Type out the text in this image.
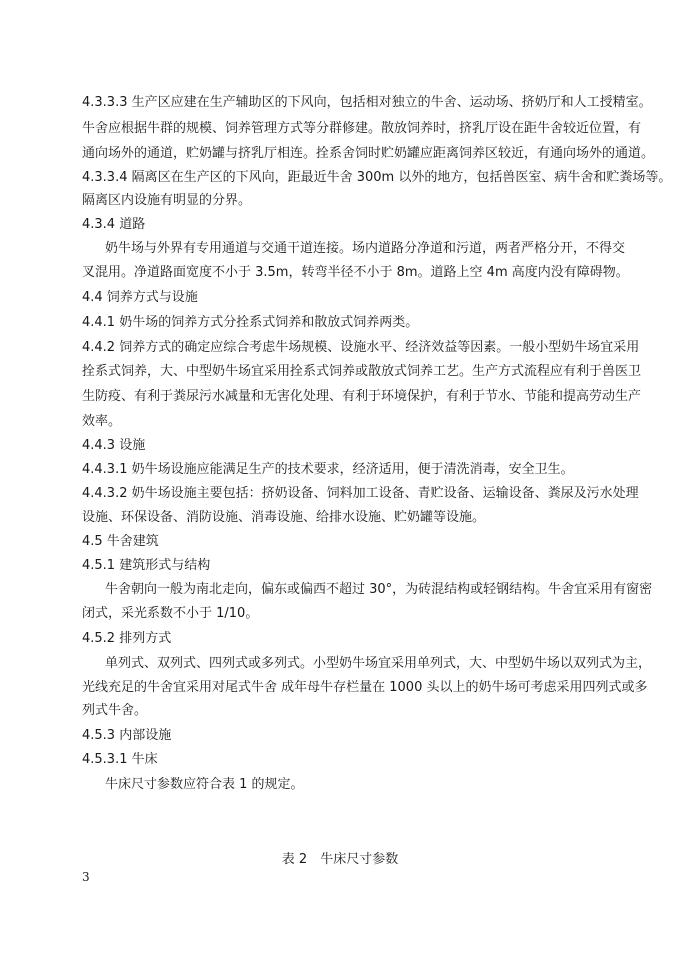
4.3.3.3 生产区应建在生产辅助区的下风向，包括相对独立的牛舍、运动场、挤奶厅和人工授精室。
牛舍应根据牛群的规模、饲养管理方式等分群修建。散放饲养时，挤乳厅设在距牛舍较近位置，有
通向场外的通道，贮奶罐与挤乳厅相连。拴系舍饲时贮奶罐应距离饲养区较近，有通向场外的通道。
4.3.3.4 隔离区在生产区的下风向，距最近牛舍 300m 以外的地方，包括兽医室、病牛舍和贮粪场等。
隔离区内设施有明显的分界。
4.3.4 道路
奶牛场与外界有专用通道与交通干道连接。场内道路分净道和污道，两者严格分开，不得交
叉混用。净道路面宽度不小于 3.5m，转弯半径不小于 8m。道路上空 4m 高度内没有障碍物。
4.4 饲养方式与设施
4.4.1 奶牛场的饲养方式分拴系式饲养和散放式饲养两类。
4.4.2 饲养方式的确定应综合考虑牛场规模、设施水平、经济效益等因素。一般小型奶牛场宜采用
拴系式饲养，大、中型奶牛场宜采用拴系式饲养或散放式饲养工艺。生产方式流程应有利于兽医卫
生防疫、有利于粪尿污水减量和无害化处理、有利于环境保护，有利于节水、节能和提高劳动生产
效率。
4.4.3 设施
4.4.3.1 奶牛场设施应能满足生产的技术要求，经济适用，便于清洗消毒，安全卫生。
4.4.3.2 奶牛场设施主要包括：挤奶设备、饲料加工设备、青贮设备、运输设备、粪尿及污水处理
设施、环保设备、消防设施、消毒设施、给排水设施、贮奶罐等设施。
4.5 牛舍建筑
4.5.1 建筑形式与结构
牛舍朝向一般为南北走向，偏东或偏西不超过 30°，为砖混结构或轻钢结构。牛舍宜采用有窗密
闭式，采光系数不小于 1/10。
4.5.2 排列方式
单列式、双列式、四列式或多列式。小型奶牛场宜采用单列式，大、中型奶牛场以双列式为主，
光线充足的牛舍宜采用对尾式牛舍 成年母牛存栏量在 1000 头以上的奶牛场可考虑采用四列式或多
列式牛舍。
4.5.3 内部设施
4.5.3.1 牛床
牛床尺寸参数应符合表 1 的规定。
表 2　牛床尺寸参数
3
